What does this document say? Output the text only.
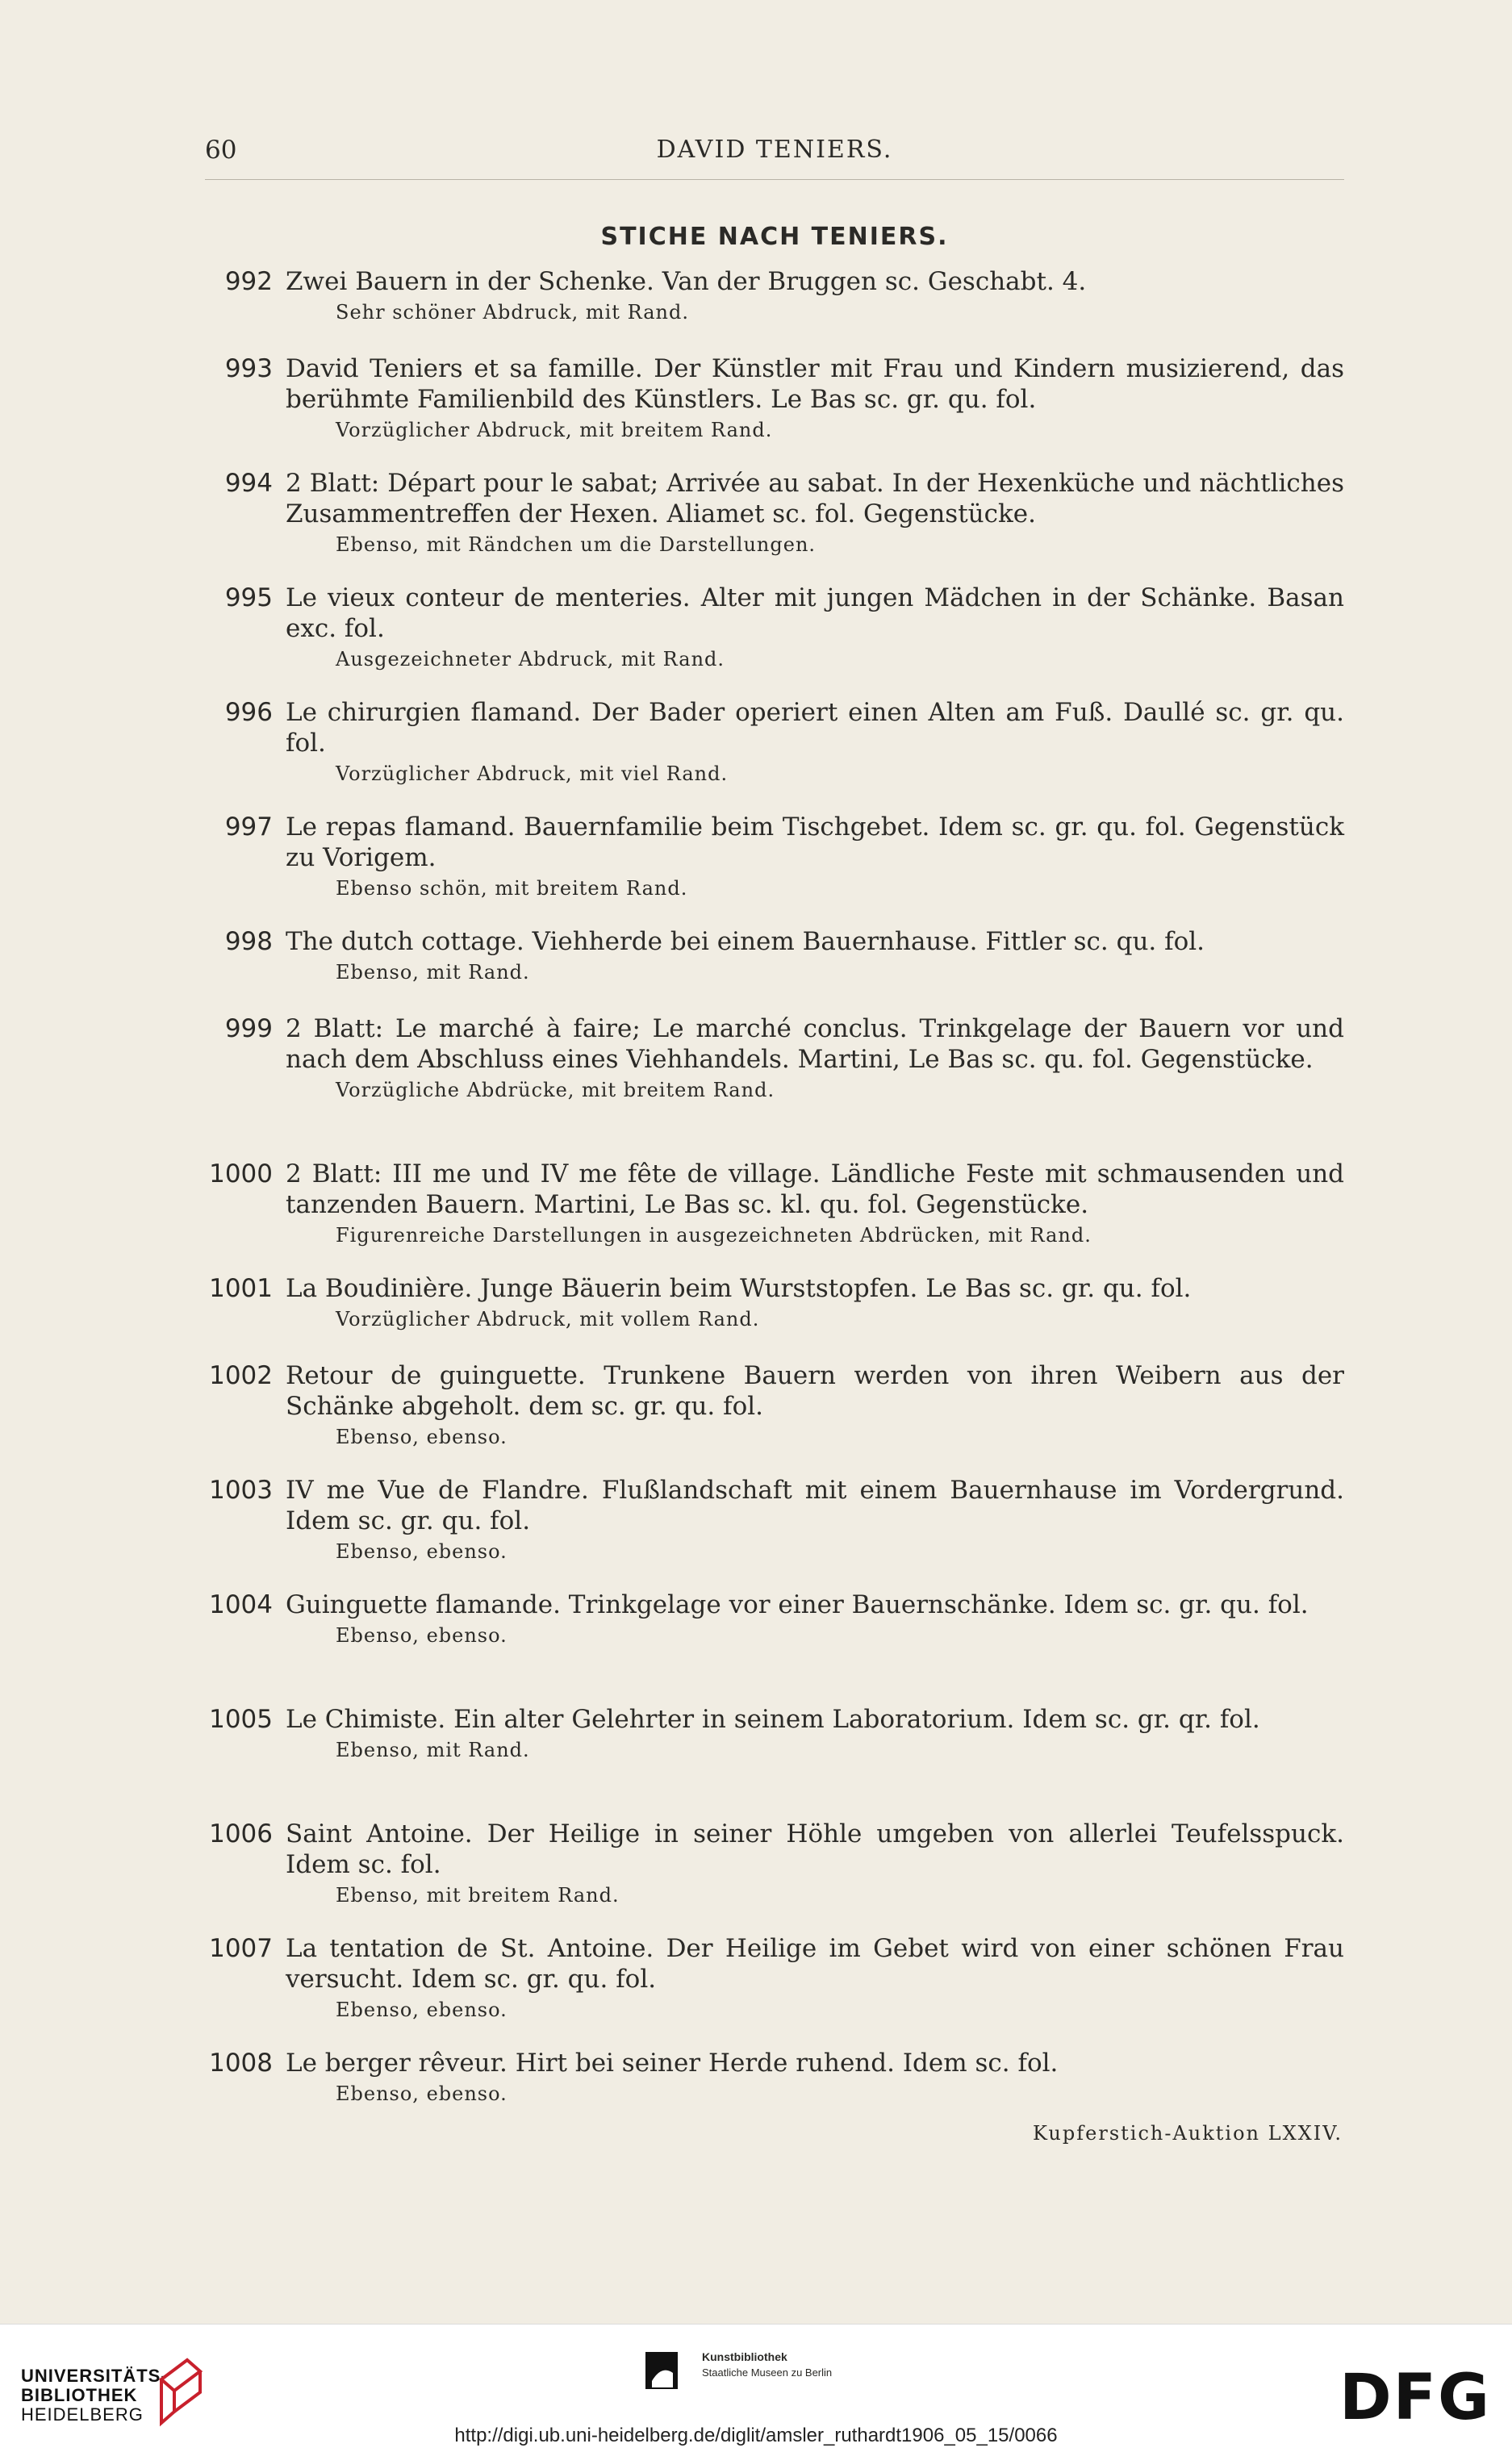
60	DAVID TENIERS.
STICHE NACH TENIERS.
992 Zwei Bauern in der Schenke. Van der Bruggen sc. Geschabt. 4.
Sehr schöner Abdruck, mit Rand.
993 David Teniers et sa famille. Der Künstler mit Frau und Kindern musizierend, das berühmte Familienbild des Künstlers. Le Bas sc. gr. qu. fol.
Vorzüglicher Abdruck, mit breitem Rand.
994 2 Blatt: Départ pour le sabat; Arrivée au sabat. In der Hexenküche und nächtliches Zusammentreffen der Hexen. Aliamet sc. fol. Gegenstücke.
Ebenso, mit Rändchen um die Darstellungen.
995 Le vieux conteur de menteries. Alter mit jungen Mädchen in der Schänke. Basan exc. fol.
Ausgezeichneter Abdruck, mit Rand.
996 Le chirurgien flamand. Der Bader operiert einen Alten am Fuß. Daullé sc. gr. qu. fol.
Vorzüglicher Abdruck, mit viel Rand.
997 Le repas flamand. Bauernfamilie beim Tischgebet. Idem sc. gr. qu. fol. Gegenstück zu Vorigem.
Ebenso schön, mit breitem Rand.
998 The dutch cottage. Viehherde bei einem Bauernhause. Fittler sc. qu. fol.
Ebenso, mit Rand.
999 2 Blatt: Le marché à faire; Le marché conclus. Trinkgelage der Bauern vor und nach dem Abschluss eines Viehhandels. Martini, Le Bas sc. qu. fol. Gegenstücke.
Vorzügliche Abdrücke, mit breitem Rand.
1000 2 Blatt: III me und IV me fête de village. Ländliche Feste mit schmausenden und tanzenden Bauern. Martini, Le Bas sc. kl. qu. fol. Gegenstücke.
Figurenreiche Darstellungen in ausgezeichneten Abdrücken, mit Rand.
1001 La Boudinière. Junge Bäuerin beim Wurststopfen. Le Bas sc. gr. qu. fol.
Vorzüglicher Abdruck, mit vollem Rand.
1002 Retour de guinguette. Trunkene Bauern werden von ihren Weibern aus der Schänke abgeholt. dem sc. gr. qu. fol.
Ebenso, ebenso.
1003 IV me Vue de Flandre. Flußlandschaft mit einem Bauernhause im Vordergrund. Idem sc. gr. qu. fol.
Ebenso, ebenso.
1004 Guinguette flamande. Trinkgelage vor einer Bauernschänke. Idem sc. gr. qu. fol.
Ebenso, ebenso.
1005 Le Chimiste. Ein alter Gelehrter in seinem Laboratorium. Idem sc. gr. qr. fol.
Ebenso, mit Rand.
1006 Saint Antoine. Der Heilige in seiner Höhle umgeben von allerlei Teufelsspuck. Idem sc. fol.
Ebenso, mit breitem Rand.
1007 La tentation de St. Antoine. Der Heilige im Gebet wird von einer schönen Frau versucht. Idem sc. gr. qu. fol.
Ebenso, ebenso.
1008 Le berger rêveur. Hirt bei seiner Herde ruhend. Idem sc. fol.
Ebenso, ebenso.
Kupferstich-Auktion LXXIV.
UNIVERSITÄTS-
BIBLIOTHEK
HEIDELBERG
Kunstbibliothek
Staatliche Museen zu Berlin	DFG
http://digi.ub.uni-heidelberg.de/diglit/amsler_ruthardt1906_05_15/0066
